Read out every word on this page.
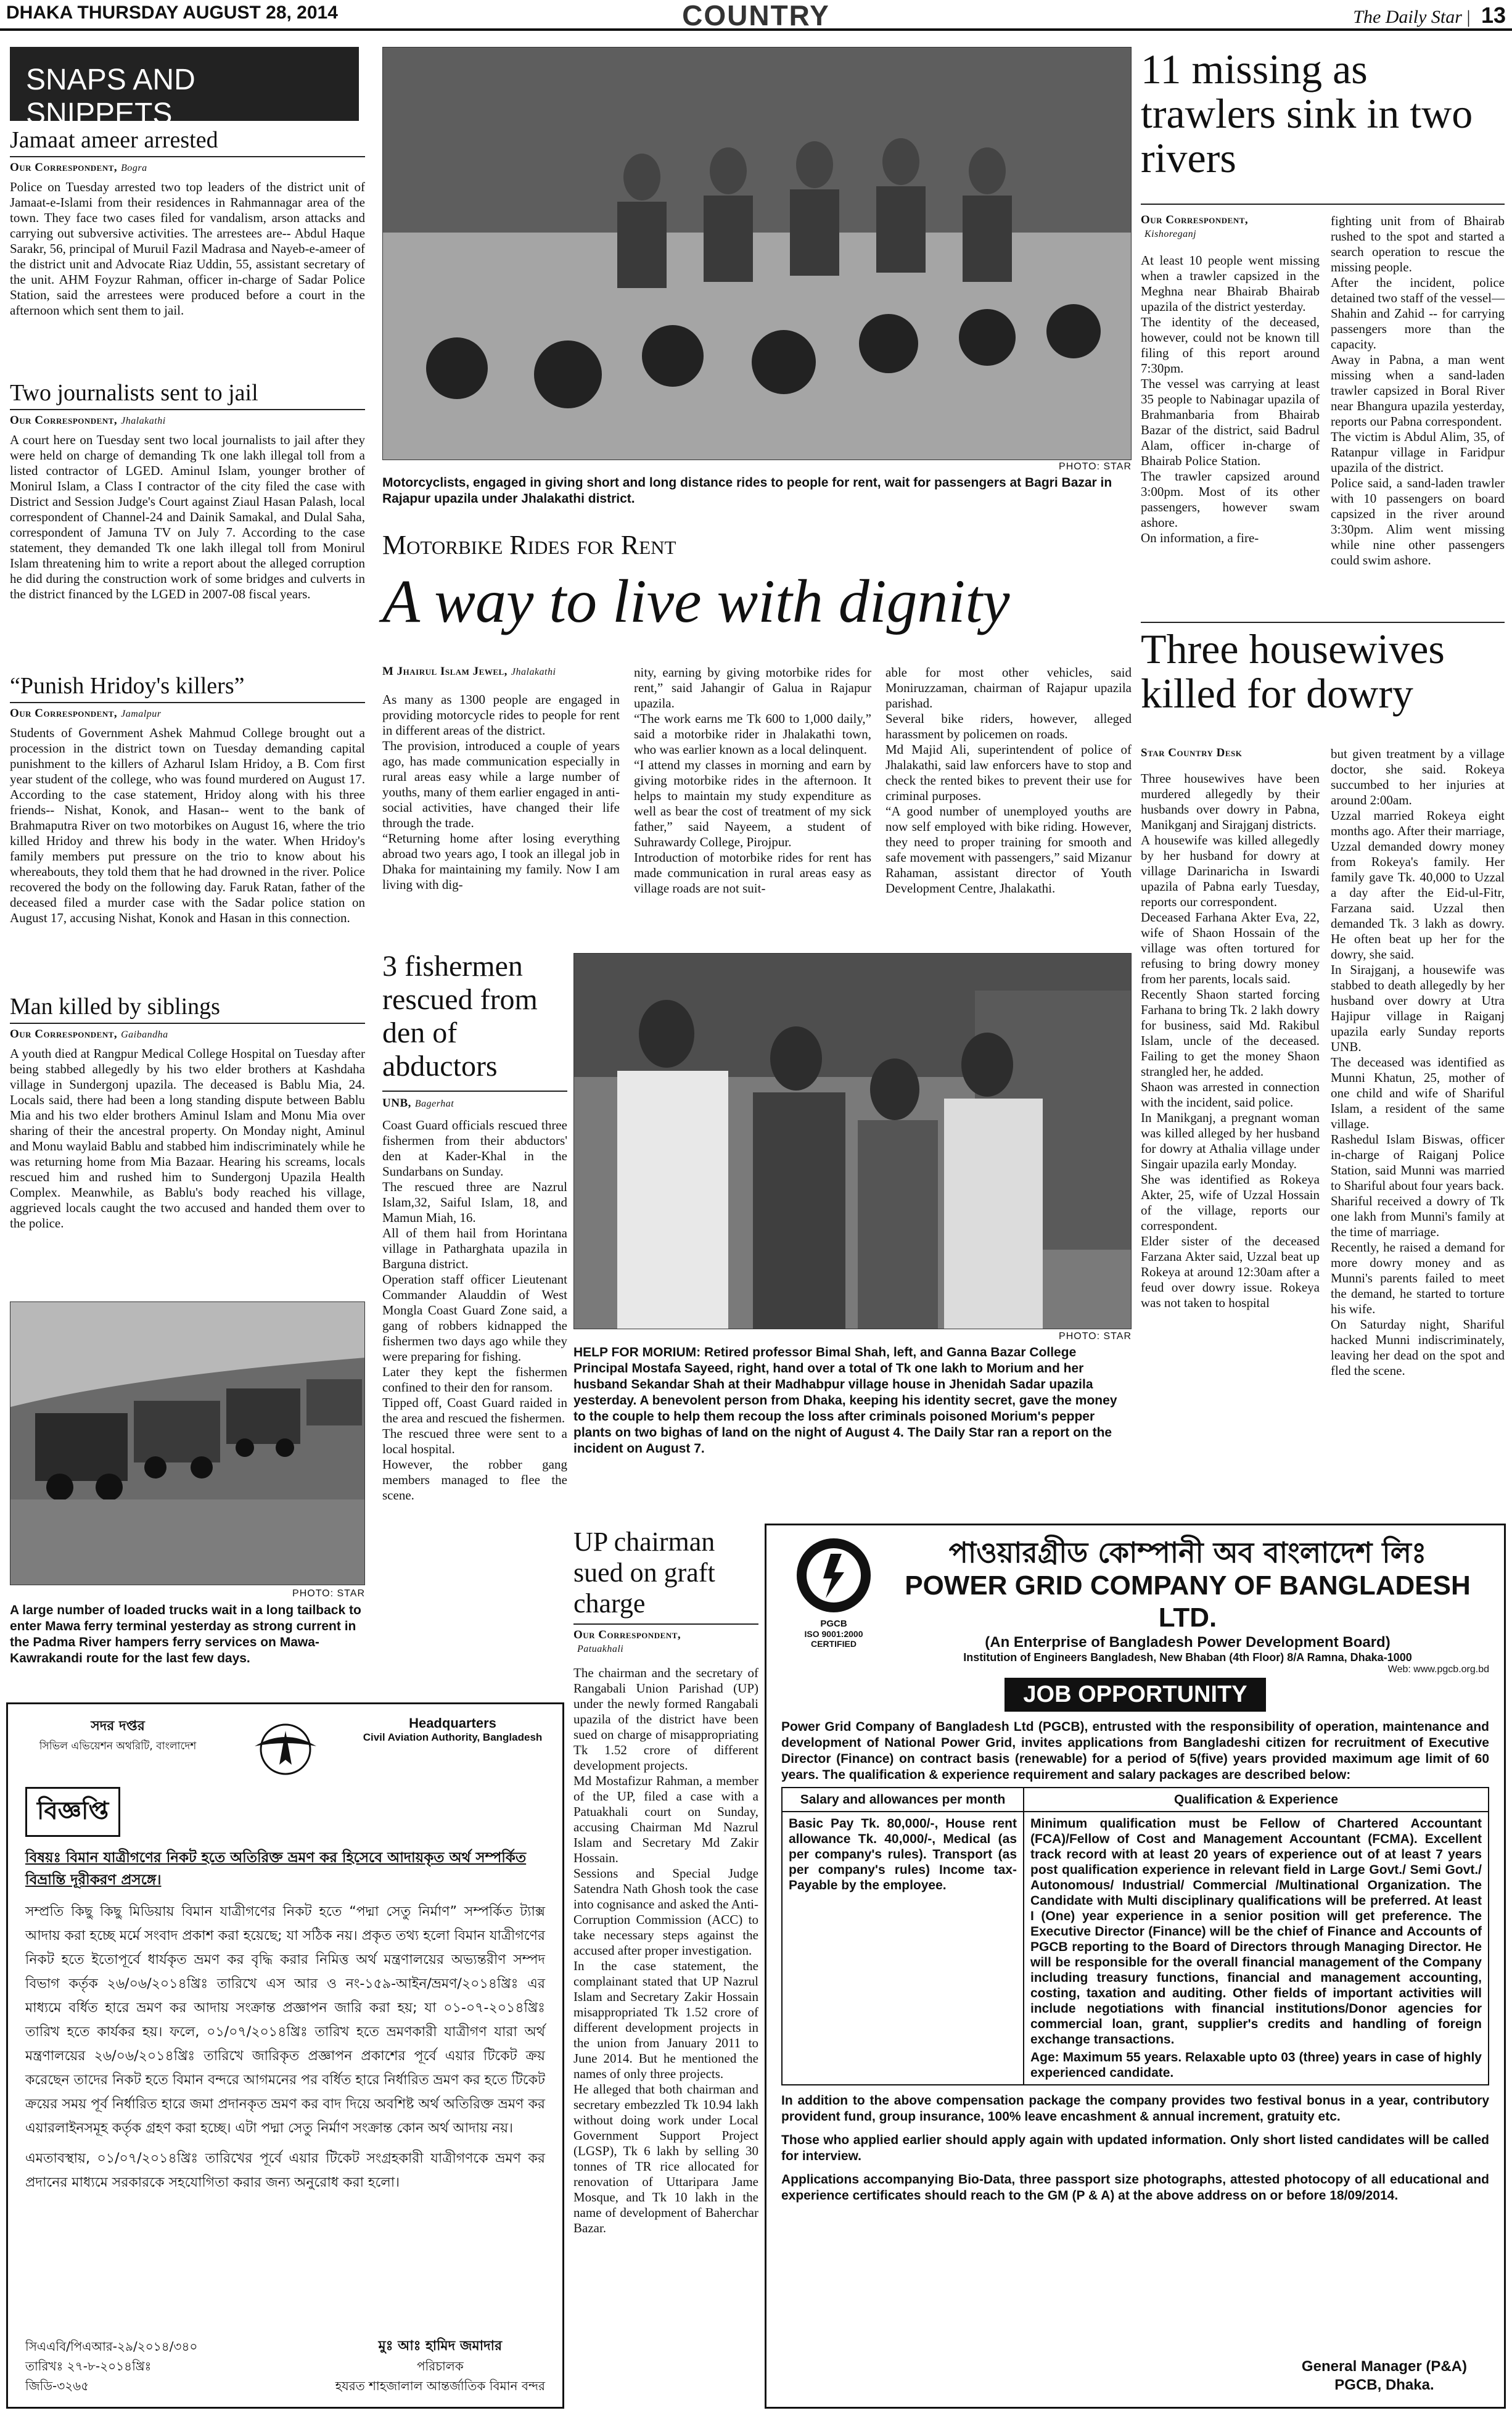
DHAKA THURSDAY AUGUST 28, 2014	COUNTRY	The Daily Star | 13
SNAPS AND SNIPPETS
Jamaat ameer arrested
Our Correspondent, Bogra
Police on Tuesday arrested two top leaders of the district unit of Jamaat-e-Islami from their residences in Rahmannagar area of the town. They face two cases filed for vandalism, arson attacks and carrying out subversive activities. The arrestees are-- Abdul Haque Sarakr, 56, principal of Muruil Fazil Madrasa and Nayeb-e-ameer of the district unit and Advocate Riaz Uddin, 55, assistant secretary of the unit. AHM Foyzur Rahman, officer in-charge of Sadar Police Station, said the arrestees were produced before a court in the afternoon which sent them to jail.
Two journalists sent to jail
Our Correspondent, Jhalakathi
A court here on Tuesday sent two local journalists to jail after they were held on charge of demanding Tk one lakh illegal toll from a listed contractor of LGED. Aminul Islam, younger brother of Monirul Islam, a Class I contractor of the city filed the case with District and Session Judge's Court against Ziaul Hasan Palash, local correspondent of Channel-24 and Dainik Samakal, and Dulal Saha, correspondent of Jamuna TV on July 7. According to the case statement, they demanded Tk one lakh illegal toll from Monirul Islam threatening him to write a report about the alleged corruption he did during the construction work of some bridges and culverts in the district financed by the LGED in 2007-08 fiscal years.
“Punish Hridoy's killers”
Our Correspondent, Jamalpur
Students of Government Ashek Mahmud College brought out a procession in the district town on Tuesday demanding capital punishment to the killers of Azharul Islam Hridoy, a B. Com first year student of the college, who was found murdered on August 17. According to the case statement, Hridoy along with his three friends-- Nishat, Konok, and Hasan-- went to the bank of Brahmaputra River on two motorbikes on August 16, where the trio killed Hridoy and threw his body in the water. When Hridoy's family members put pressure on the trio to know about his whereabouts, they told them that he had drowned in the river. Police recovered the body on the following day. Faruk Ratan, father of the deceased filed a murder case with the Sadar police station on August 17, accusing Nishat, Konok and Hasan in this connection.
Man killed by siblings
Our Correspondent, Gaibandha
A youth died at Rangpur Medical College Hospital on Tuesday after being stabbed allegedly by his two elder brothers at Kashdaha village in Sundergonj upazila. The deceased is Bablu Mia, 24. Locals said, there had been a long standing dispute between Bablu Mia and his two elder brothers Aminul Islam and Monu Mia over sharing of their the ancestral property. On Monday night, Aminul and Monu waylaid Bablu and stabbed him indiscriminately while he was returning home from Mia Bazaar. Hearing his screams, locals rescued him and rushed him to Sundergonj Upazila Health Complex. Meanwhile, as Bablu's body reached his village, aggrieved locals caught the two accused and handed them over to the police.
PHOTO: STAR
A large number of loaded trucks wait in a long tailback to enter Mawa ferry terminal yesterday as strong current in the Padma River hampers ferry services on Mawa-Kawrakandi route for the last few days.
PHOTO: STAR
Motorcyclists, engaged in giving short and long distance rides to people for rent, wait for passengers at Bagri Bazar in Rajapur upazila under Jhalakathi district.
Motorbike Rides for Rent
A way to live with dignity
M Jhairul Islam Jewel, Jhalakathi
As many as 1300 people are engaged in providing motorcycle rides to people for rent in different areas of the district.
The provision, introduced a couple of years ago, has made communication especially in rural areas easy while a large number of youths, many of them earlier engaged in anti-social activities, have changed their life through the trade.
“Returning home after losing everything abroad two years ago, I took an illegal job in Dhaka for maintaining my family. Now I am living with dig-
nity, earning by giving motorbike rides for rent,” said Jahangir of Galua in Rajapur upazila.
“The work earns me Tk 600 to 1,000 daily,” said a motorbike rider in Jhalakathi town, who was earlier known as a local delinquent.
“I attend my classes in morning and earn by giving motorbike rides in the afternoon. It helps to maintain my study expenditure as well as bear the cost of treatment of my sick father,” said Nayeem, a student of Suhrawardy College, Pirojpur.
Introduction of motorbike rides for rent has made communication in rural areas easy as village roads are not suit-
able for most other vehicles, said Moniruzzaman, chairman of Rajapur upazila parishad.
Several bike riders, however, alleged harassment by policemen on roads.
Md Majid Ali, superintendent of police of Jhalakathi, said law enforcers have to stop and check the rented bikes to prevent their use for criminal purposes.
“A good number of unemployed youths are now self employed with bike riding. However, they need to proper training for smooth and safe movement with passengers,” said Mizanur Rahaman, assistant director of Youth Development Centre, Jhalakathi.
3 fishermen rescued from den of abductors
UNB, Bagerhat
Coast Guard officials rescued three fishermen from their abductors' den at Kader-Khal in the Sundarbans on Sunday.
The rescued three are Nazrul Islam,32, Saiful Islam, 18, and Mamun Miah, 16.
All of them hail from Horintana village in Patharghata upazila in Barguna district.
Operation staff officer Lieutenant Commander Alauddin of West Mongla Coast Guard Zone said, a gang of robbers kidnapped the fishermen two days ago while they were preparing for fishing.
Later they kept the fishermen confined to their den for ransom.
Tipped off, Coast Guard raided in the area and rescued the fishermen.
The rescued three were sent to a local hospital.
However, the robber gang members managed to flee the scene.
PHOTO: STAR
HELP FOR MORIUM: Retired professor Bimal Shah, left, and Ganna Bazar College Principal Mostafa Sayeed, right, hand over a total of Tk one lakh to Morium and her husband Sekandar Shah at their Madhabpur village house in Jhenidah Sadar upazila yesterday. A benevolent person from Dhaka, keeping his identity secret, gave the money to the couple to help them recoup the loss after criminals poisoned Morium's pepper plants on two bighas of land on the night of August 4. The Daily Star ran a report on the incident on August 7.
UP chairman sued on graft charge
Our Correspondent,
Patuakhali
The chairman and the secretary of Rangabali Union Parishad (UP) under the newly formed Rangabali upazila of the district have been sued on charge of misappropriating Tk 1.52 crore of different development projects.
Md Mostafizur Rahman, a member of the UP, filed a case with a Patuakhali court on Sunday, accusing Chairman Md Nazrul Islam and Secretary Md Zakir Hossain.
Sessions and Special Judge Satendra Nath Ghosh took the case into cognisance and asked the Anti-Corruption Commission (ACC) to take necessary steps against the accused after proper investigation.
In the case statement, the complainant stated that UP Nazrul Islam and Secretary Zakir Hossain misappropriated Tk 1.52 crore of different development projects in the union from January 2011 to June 2014. But he mentioned the names of only three projects.
He alleged that both chairman and secretary embezzled Tk 10.94 lakh without doing work under Local Government Support Project (LGSP), Tk 6 lakh by selling 30 tonnes of TR rice allocated for renovation of Uttaripara Jame Mosque, and Tk 10 lakh in the name of development of Baherchar Bazar.
11 missing as trawlers sink in two rivers
Our Correspondent,
Kishoreganj
At least 10 people went missing when a trawler capsized in the Meghna near Bhairab Bhairab upazila of the district yesterday.
The identity of the deceased, however, could not be known till filing of this report around 7:30pm.
The vessel was carrying at least 35 people to Nabinagar upazila of Brahmanbaria from Bhairab Bazar of the district, said Badrul Alam, officer in-charge of Bhairab Police Station.
The trawler capsized around 3:00pm. Most of its other passengers, however swam ashore.
On information, a fire-
fighting unit from of Bhairab rushed to the spot and started a search operation to rescue the missing people.
After the incident, police detained two staff of the vessel—Shahin and Zahid -- for carrying passengers more than the capacity.
Away in Pabna, a man went missing when a sand-laden trawler capsized in Boral River near Bhangura upazila yesterday, reports our Pabna correspondent.
The victim is Abdul Alim, 35, of Ratanpur village in Faridpur upazila of the district.
Police said, a sand-laden trawler with 10 passengers on board capsized in the river around 3:30pm. Alim went missing while nine other passengers could swim ashore.
Three housewives killed for dowry
Star Country Desk
Three housewives have been murdered allegedly by their husbands over dowry in Pabna, Manikganj and Sirajganj districts.
A housewife was killed allegedly by her husband for dowry at village Darinaricha in Iswardi upazila of Pabna early Tuesday, reports our correspondent.
Deceased Farhana Akter Eva, 22, wife of Shaon Hossain of the village was often tortured for refusing to bring dowry money from her parents, locals said.
Recently Shaon started forcing Farhana to bring Tk. 2 lakh dowry for business, said Md. Rakibul Islam, uncle of the deceased. Failing to get the money Shaon strangled her, he added.
Shaon was arrested in connection with the incident, said police.
In Manikganj, a pregnant woman was killed alleged by her husband for dowry at Athalia village under Singair upazila early Monday.
She was identified as Rokeya Akter, 25, wife of Uzzal Hossain of the village, reports our correspondent.
Elder sister of the deceased Farzana Akter said, Uzzal beat up Rokeya at around 12:30am after a feud over dowry issue. Rokeya was not taken to hospital
but given treatment by a village doctor, she said. Rokeya succumbed to her injuries at around 2:00am.
Uzzal married Rokeya eight months ago. After their marriage, Uzzal demanded dowry money from Rokeya's family. Her family gave Tk. 40,000 to Uzzal a day after the Eid-ul-Fitr, Farzana said. Uzzal then demanded Tk. 3 lakh as dowry. He often beat up her for the dowry, she said.
In Sirajganj, a housewife was stabbed to death allegedly by her husband over dowry at Utra Hajipur village in Raiganj upazila early Sunday reports UNB.
The deceased was identified as Munni Khatun, 25, mother of one child and wife of Shariful Islam, a resident of the same village.
Rashedul Islam Biswas, officer in-charge of Raiganj Police Station, said Munni was married to Shariful about four years back.
Shariful received a dowry of Tk one lakh from Munni's family at the time of marriage.
Recently, he raised a demand for more dowry money and as Munni's parents failed to meet the demand, he started to torture his wife.
On Saturday night, Shariful hacked Munni indiscriminately, leaving her dead on the spot and fled the scene.
সদর দপ্তর
সিভিল এভিয়েশন অথরিটি, বাংলাদেশ
Headquarters
Civil Aviation Authority, Bangladesh
বিজ্ঞপ্তি
বিষয়ঃ বিমান যাত্রীগণের নিকট হতে অতিরিক্ত ভ্রমণ কর হিসেবে আদায়কৃত অর্থ সম্পর্কিত বিভ্রান্তি দূরীকরণ প্রসঙ্গে।
সম্প্রতি কিছু কিছু মিডিয়ায় বিমান যাত্রীগণের নিকট হতে “পদ্মা সেতু নির্মাণ” সম্পর্কিত ট্যাক্স আদায় করা হচ্ছে মর্মে সংবাদ প্রকাশ করা হয়েছে; যা সঠিক নয়। প্রকৃত তথ্য হলো বিমান যাত্রীগণের নিকট হতে ইতোপূর্বে ধার্যকৃত ভ্রমণ কর বৃদ্ধি করার নিমিত্ত অর্থ মন্ত্রণালয়ের অভ্যন্তরীণ সম্পদ বিভাগ কর্তৃক ২৬/০৬/২০১৪খ্রিঃ তারিখে এস আর ও নং-১৫৯-আইন/ভ্রমণ/২০১৪খ্রিঃ এর মাধ্যমে বর্ধিত হারে ভ্রমণ কর আদায় সংক্রান্ত প্রজ্ঞাপন জারি করা হয়; যা ০১-০৭-২০১৪খ্রিঃ তারিখ হতে কার্যকর হয়। ফলে, ০১/০৭/২০১৪খ্রিঃ তারিখ হতে ভ্রমণকারী যাত্রীগণ যারা অর্থ মন্ত্রণালয়ের ২৬/০৬/২০১৪খ্রিঃ তারিখে জারিকৃত প্রজ্ঞাপন প্রকাশের পূর্বে এয়ার টিকেট ক্রয় করেছেন তাদের নিকট হতে বিমান বন্দরে আগমনের পর বর্ধিত হারে নির্ধারিত ভ্রমণ কর হতে টিকেট ক্রয়ের সময় পূর্ব নির্ধারিত হারে জমা প্রদানকৃত ভ্রমণ কর বাদ দিয়ে অবশিষ্ট অর্থ অতিরিক্ত ভ্রমণ কর এয়ারলাইনসমূহ কর্তৃক গ্রহণ করা হচ্ছে। এটা পদ্মা সেতু নির্মাণ সংক্রান্ত কোন অর্থ আদায় নয়।
এমতাবস্থায়, ০১/০৭/২০১৪খ্রিঃ তারিখের পূর্বে এয়ার টিকেট সংগ্রহকারী যাত্রীগণকে ভ্রমণ কর প্রদানের মাধ্যমে সরকারকে সহযোগিতা করার জন্য অনুরোধ করা হলো।
সিএএবি/পিএআর-২৯/২০১৪/৩৪০
তারিখঃ ২৭-৮-২০১৪খ্রিঃ
জিডি-৩২৬৫
মুঃ আঃ হামিদ জমাদার
পরিচালক
হযরত শাহজালাল আন্তর্জাতিক বিমান বন্দর
PGCB
ISO 9001:2000 CERTIFIED
পাওয়ারগ্রীড কোম্পানী অব বাংলাদেশ লিঃ
POWER GRID COMPANY OF BANGLADESH LTD.
(An Enterprise of Bangladesh Power Development Board)
Institution of Engineers Bangladesh, New Bhaban (4th Floor) 8/A Ramna, Dhaka-1000
Web: www.pgcb.org.bd
JOB OPPORTUNITY
Power Grid Company of Bangladesh Ltd (PGCB), entrusted with the responsibility of operation, maintenance and development of National Power Grid, invites applications from Bangladeshi citizen for recruitment of Executive Director (Finance) on contract basis (renewable) for a period of 5(five) years provided maximum age limit of 60 years. The qualification & experience requirement and salary packages are described below:
Salary and allowances per month	Qualification & Experience
Basic Pay Tk. 80,000/-, House rent allowance Tk. 40,000/-, Medical (as per company's rules). Transport (as per company's rules) Income tax-Payable by the employee.	Minimum qualification must be Fellow of Chartered Accountant (FCA)/Fellow of Cost and Management Accountant (FCMA). Excellent track record with at least 20 years of experience out of at least 7 years post qualification experience in relevant field in Large Govt./ Semi Govt./ Autonomous/ Industrial/ Commercial /Multinational Organization. The Candidate with Multi disciplinary qualifications will be preferred. At least I (One) year experience in a senior position will get preference. The Executive Director (Finance) will be the chief of Finance and Accounts of PGCB reporting to the Board of Directors through Managing Director. He will be responsible for the overall financial management of the Company including treasury functions, financial and management accounting, costing, taxation and auditing. Other fields of important activities will include negotiations with financial institutions/Donor agencies for commercial loan, grant, supplier's credits and handling of foreign exchange transactions.
Age: Maximum 55 years. Relaxable upto 03 (three) years in case of highly experienced candidate.
In addition to the above compensation package the company provides two festival bonus in a year, contributory provident fund, group insurance, 100% leave encashment & annual increment, gratuity etc.
Those who applied earlier should apply again with updated information. Only short listed candidates will be called for interview.
Applications accompanying Bio-Data, three passport size photographs, attested photocopy of all educational and experience certificates should reach to the GM (P & A) at the above address on or before 18/09/2014.
General Manager (P&A)
PGCB, Dhaka.
